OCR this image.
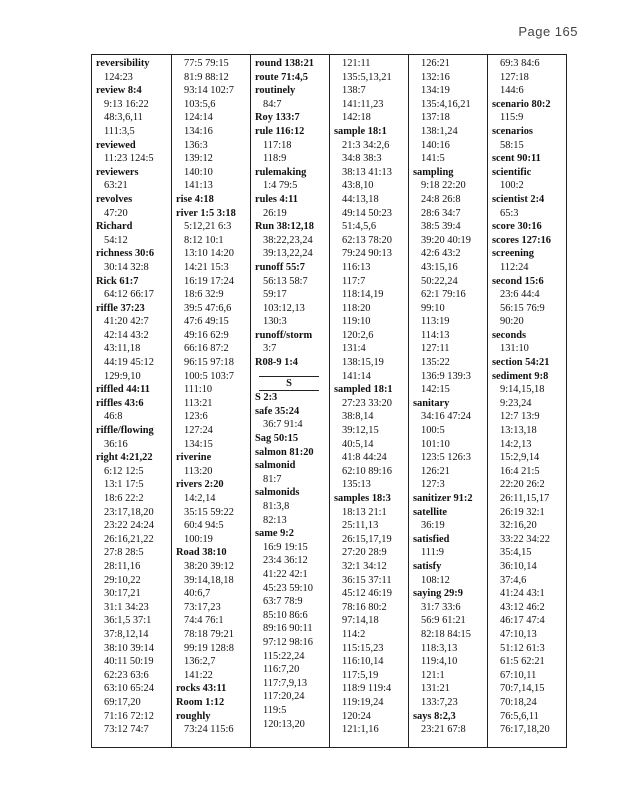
Page 165
reversibility
124:23
review 8:4
9:13 16:22
48:3,6,11
111:3,5
reviewed
11:23 124:5
reviewers
63:21
revolves
47:20
Richard
54:12
richness 30:6
30:14 32:8
Rick 61:7
64:12 66:17
riffle 37:23
41:20 42:7
42:14 43:2
43:11,18
44:19 45:12
129:9,10
riffled 44:11
riffles 43:6
46:8
riffle/flowing
36:16
right 4:21,22
6:12 12:5
13:1 17:5
18:6 22:2
23:17,18,20
23:22 24:24
26:16,21,22
27:8 28:5
28:11,16
29:10,22
30:17,21
31:1 34:23
36:1,5 37:1
37:8,12,14
38:10 39:14
40:11 50:19
62:23 63:6
63:10 65:24
69:17,20
71:16 72:12
73:12 74:7
77:5 79:15
81:9 88:12
93:14 102:7
103:5,6
124:14
134:16
136:3
139:12
140:10
141:13
rise 4:18
river 1:5 3:18
5:12,21 6:3
8:12 10:1
13:10 14:20
14:21 15:3
16:19 17:24
18:6 32:9
39:5 47:6,6
47:6 49:15
49:16 62:9
66:16 87:2
96:15 97:18
100:5 103:7
111:10
113:21
123:6
127:24
134:15
riverine
113:20
rivers 2:20
14:2,14
35:15 59:22
60:4 94:5
100:19
Road 38:10
38:20 39:12
39:14,18,18
40:6,7
73:17,23
74:4 76:1
78:18 79:21
99:19 128:8
136:2,7
141:22
rocks 43:11
Room 1:12
roughly
73:24 115:6
round 138:21
route 71:4,5
routinely
84:7
Roy 133:7
rule 116:12
117:18
118:9
rulemaking
1:4 79:5
rules 4:11
26:19
Run 38:12,18
38:22,23,24
39:13,22,24
runoff 55:7
56:13 58:7
59:17
103:12,13
130:3
runoff/storm
3:7
R08-9 1:4
S
S 2:3
safe 35:24
36:7 91:4
Sag 50:15
salmon 81:20
salmonid
81:7
salmonids
81:3,8
82:13
same 9:2
16:9 19:15
23:4 36:12
41:22 42:1
45:23 59:10
63:7 78:9
85:10 86:6
89:16 90:11
97:12 98:16
115:22,24
116:7,20
117:7,9,13
117:20,24
119:5
120:13,20
121:11
135:5,13,21
138:7
141:11,23
142:18
sample 18:1
21:3 34:2,6
34:8 38:3
38:13 41:13
43:8,10
44:13,18
49:14 50:23
51:4,5,6
62:13 78:20
79:24 90:13
116:13
117:7
118:14,19
118:20
119:10
120:2,6
131:4
138:15,19
141:14
sampled 18:1
27:23 33:20
38:8,14
39:12,15
40:5,14
41:8 44:24
62:10 89:16
135:13
samples 18:3
18:13 21:1
25:11,13
26:15,17,19
27:20 28:9
32:1 34:12
36:15 37:11
45:12 46:19
78:16 80:2
97:14,18
114:2
115:15,23
116:10,14
117:5,19
118:9 119:4
119:19,24
120:24
121:1,16
126:21
132:16
134:19
135:4,16,21
137:18
138:1,24
140:16
141:5
sampling
9:18 22:20
24:8 26:8
28:6 34:7
38:5 39:4
39:20 40:19
42:6 43:2
43:15,16
50:22,24
62:1 79:16
99:10
113:19
114:13
127:11
135:22
136:9 139:3
142:15
sanitary
34:16 47:24
100:5
101:10
123:5 126:3
126:21
127:3
sanitizer 91:2
satellite
36:19
satisfied
111:9
satisfy
108:12
saying 29:9
31:7 33:6
56:9 61:21
82:18 84:15
118:3,13
119:4,10
121:1
131:21
133:7,23
says 8:2,3
23:21 67:8
69:3 84:6
127:18
144:6
scenario 80:2
115:9
scenarios
58:15
scent 90:11
scientific
100:2
scientist 2:4
65:3
score 30:16
scores 127:16
screening
112:24
second 15:6
23:6 44:4
56:15 76:9
90:20
seconds
131:10
section 54:21
sediment 9:8
9:14,15,18
9:23,24
12:7 13:9
13:13,18
14:2,13
15:2,9,14
16:4 21:5
22:20 26:2
26:11,15,17
26:19 32:1
32:16,20
33:22 34:22
35:4,15
36:10,14
37:4,6
41:24 43:1
43:12 46:2
46:17 47:4
47:10,13
51:12 61:3
61:5 62:21
67:10,11
70:7,14,15
70:18,24
76:5,6,11
76:17,18,20
